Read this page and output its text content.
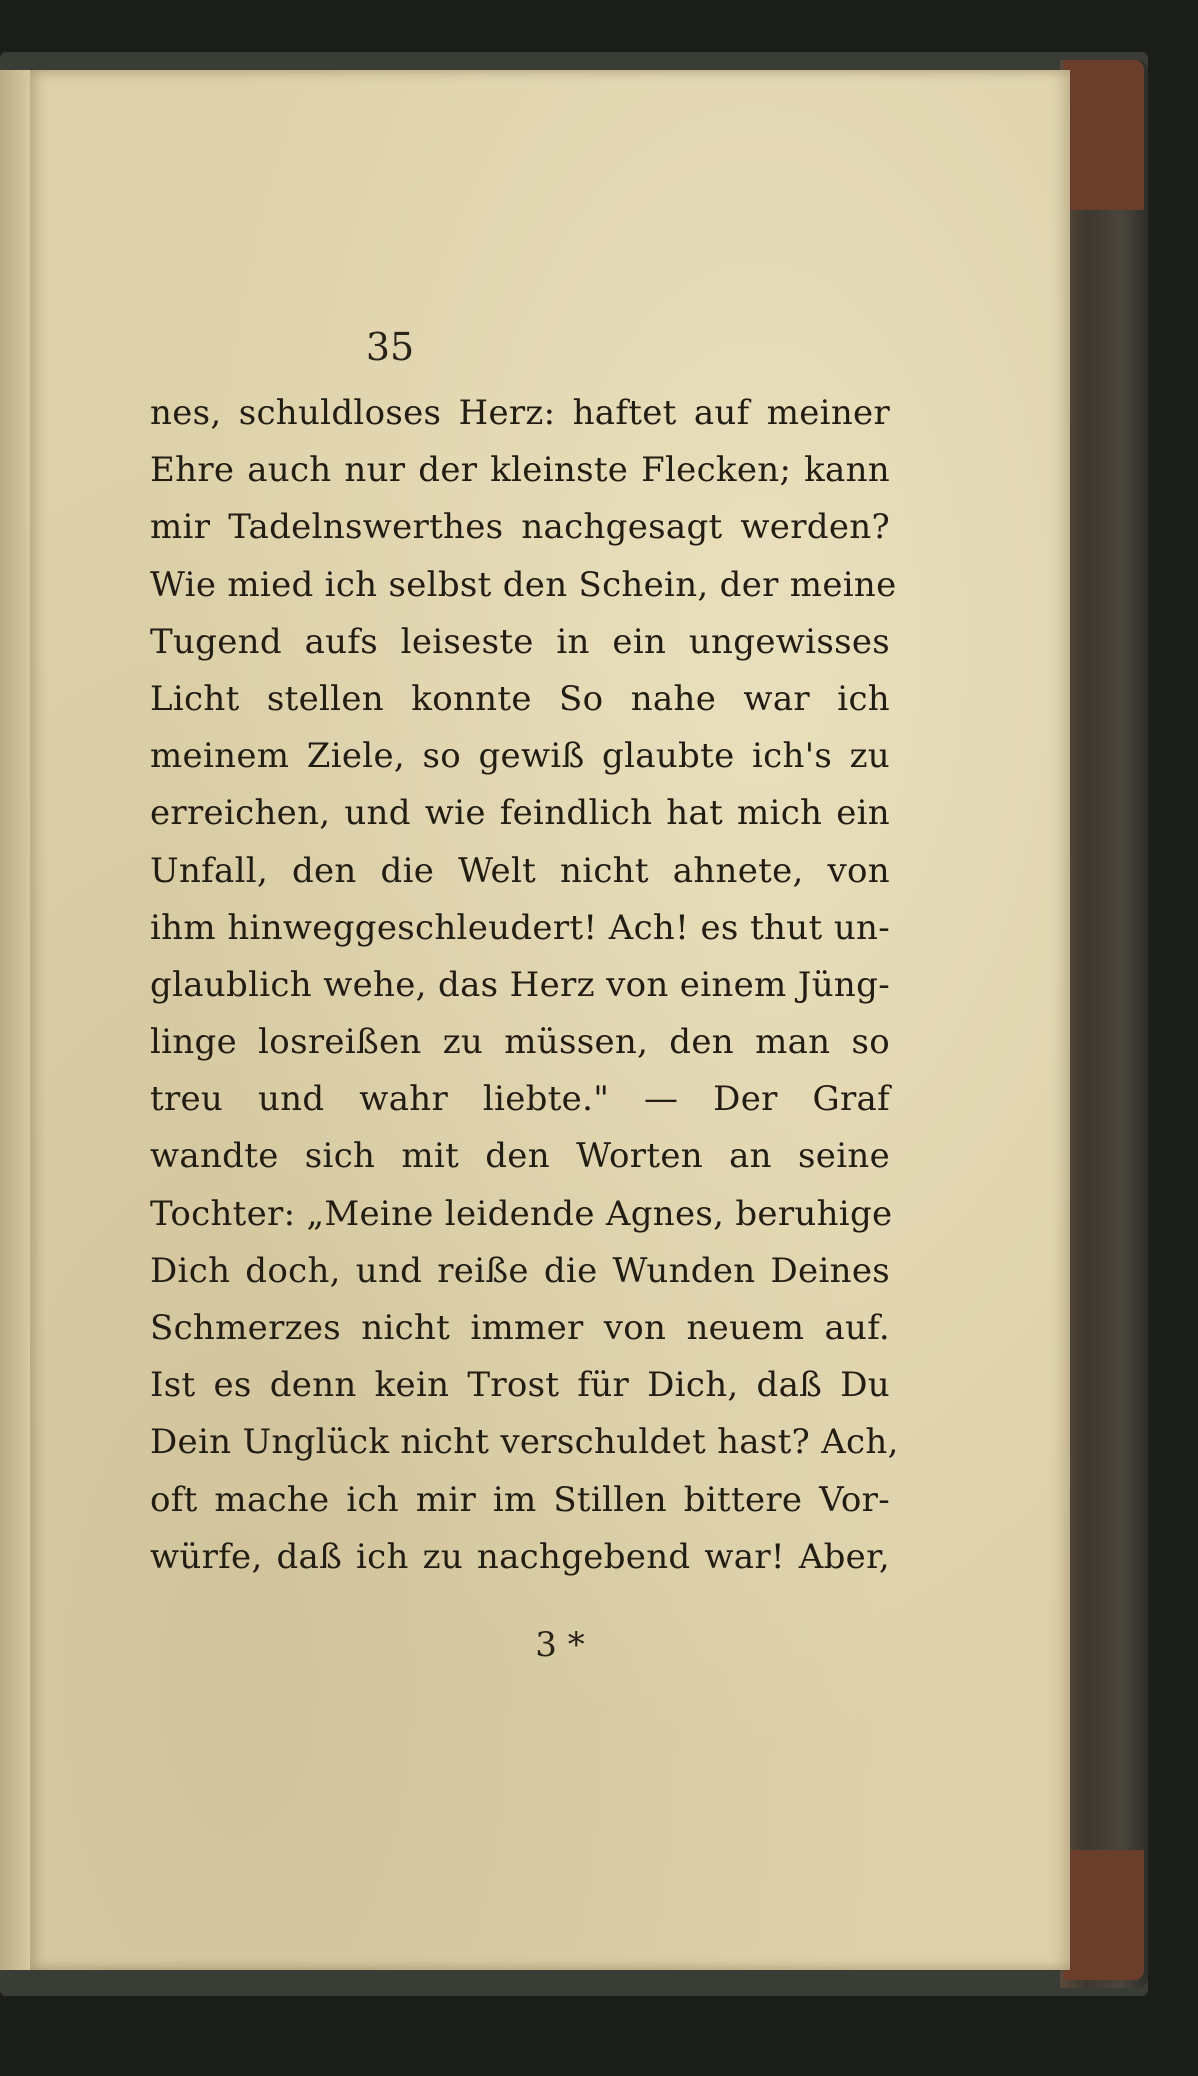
35
nes, schuldloses Herz: haftet auf meiner
Ehre auch nur der kleinste Flecken; kann
mir Tadelnswerthes nachgesagt werden?
Wie mied ich selbst den Schein, der meine
Tugend aufs leiseste in ein ungewisses
Licht stellen konnte So nahe war ich
meinem Ziele, so gewiß glaubte ich's zu
erreichen, und wie feindlich hat mich ein
Unfall, den die Welt nicht ahnete, von
ihm hinweggeschleudert! Ach! es thut un-
glaublich wehe, das Herz von einem Jüng-
linge losreißen zu müssen, den man so
treu und wahr liebte." — Der Graf
wandte sich mit den Worten an seine
Tochter: „Meine leidende Agnes, beruhige
Dich doch, und reiße die Wunden Deines
Schmerzes nicht immer von neuem auf.
Ist es denn kein Trost für Dich, daß Du
Dein Unglück nicht verschuldet hast? Ach,
oft mache ich mir im Stillen bittere Vor-
würfe, daß ich zu nachgebend war! Aber,
3 *
